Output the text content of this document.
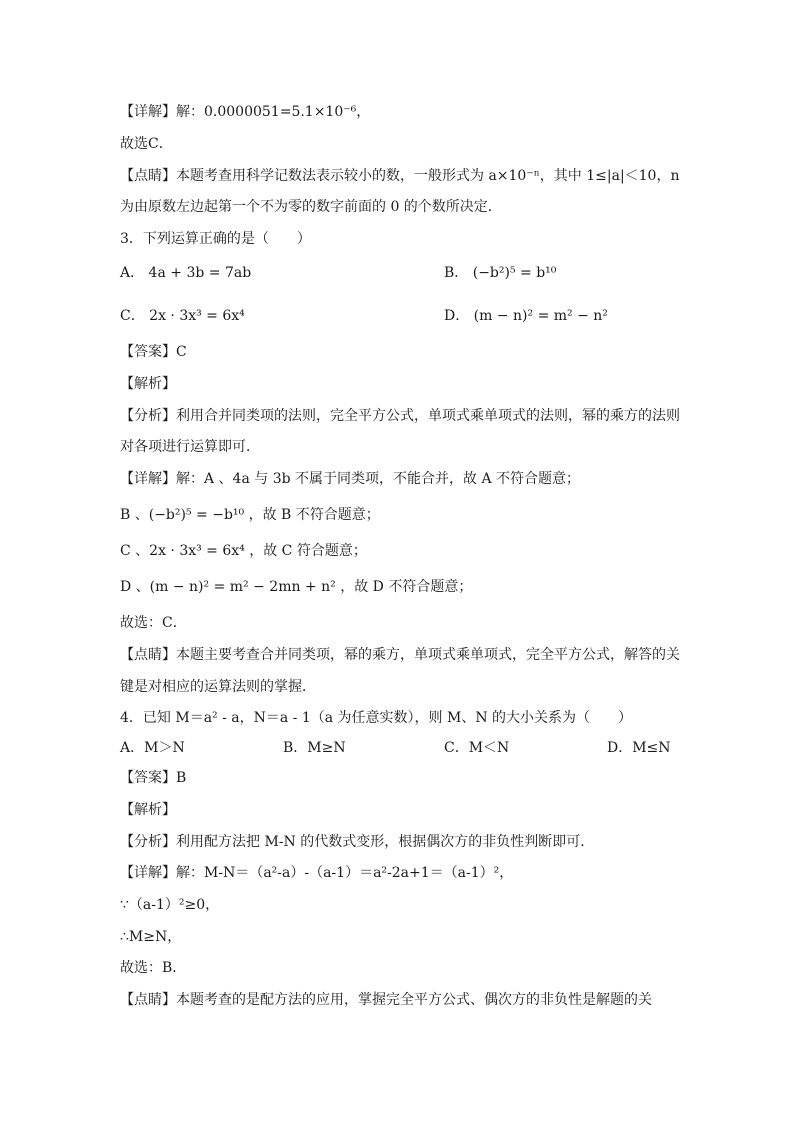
【详解】解：0.0000051=5.1×10⁻⁶，
故选C．
【点睛】本题考查用科学记数法表示较小的数，一般形式为 a×10⁻ⁿ，其中 1≤|a|＜10，n
为由原数左边起第一个不为零的数字前面的 0 的个数所决定．
3．下列运算正确的是（　　）
A． 4a + 3b = 7ab	B． (−b²)⁵ = b¹⁰
C． 2x · 3x³ = 6x⁴	D． (m − n)² = m² − n²
【答案】C
【解析】
【分析】利用合并同类项的法则，完全平方公式，单项式乘单项式的法则，幂的乘方的法则
对各项进行运算即可．
【详解】解：A 、4a 与 3b 不属于同类项，不能合并，故 A 不符合题意；
B 、(−b²)⁵ = −b¹⁰ ，故 B 不符合题意；
C 、2x · 3x³ = 6x⁴ ，故 C 符合题意；
D 、(m − n)² = m² − 2mn + n² ，故 D 不符合题意；
故选：C．
【点睛】本题主要考查合并同类项，幂的乘方，单项式乘单项式，完全平方公式，解答的关
键是对相应的运算法则的掌握．
4．已知 M＝a² - a，N＝a - 1（a 为任意实数），则 M、N 的大小关系为（　　）
A．M＞N	B．M≥N	C．M＜N	D．M≤N
【答案】B
【解析】
【分析】利用配方法把 M-N 的代数式变形，根据偶次方的非负性判断即可．
【详解】解：M-N＝（a²-a）-（a-1）＝a²-2a+1＝（a-1）²，
∵（a-1）²≥0，
∴M≥N，
故选：B．
【点睛】本题考查的是配方法的应用，掌握完全平方公式、偶次方的非负性是解题的关
